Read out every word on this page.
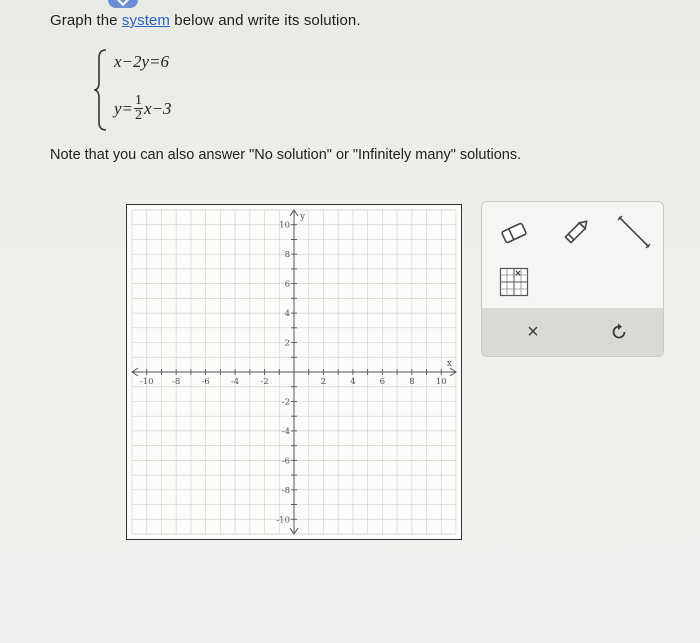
Graph the system below and write its solution.
x−2y=6
$y= \frac{1}{2} x-3$
Note that you can also answer "No solution" or "Infinitely many" solutions.
-10 -8 -6 -4 -2	2	4	6	8	10
10
8
6
4
2
-2
-4
-6
-8
-10
x
y
×
